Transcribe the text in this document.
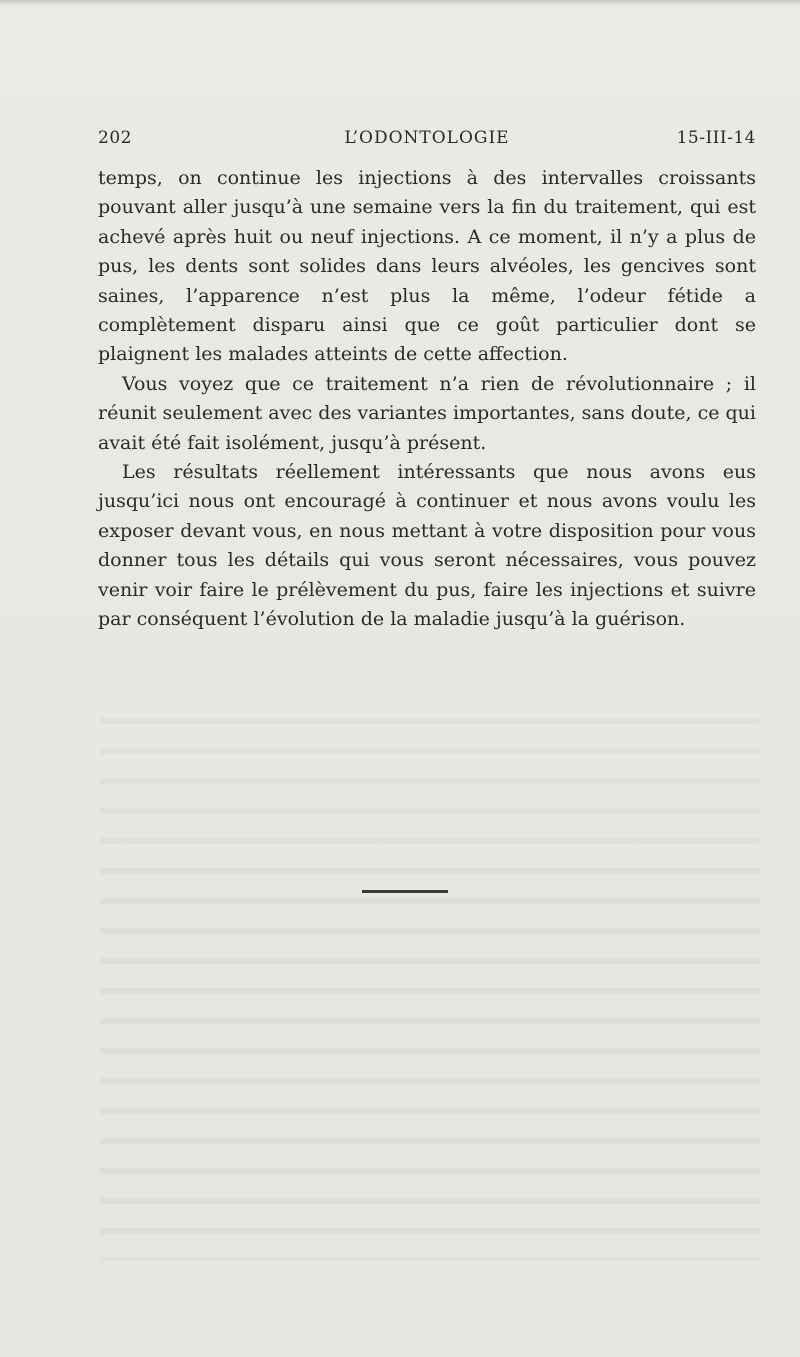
202	L’ODONTOLOGIE	15-III-14

temps, on continue les injections à des intervalles croissants pouvant aller jusqu’à une semaine vers la fin du traitement, qui est achevé après huit ou neuf injections. A ce moment, il n’y a plus de pus, les dents sont solides dans leurs alvéoles, les gencives sont saines, l’apparence n’est plus la même, l’odeur fétide a complètement disparu ainsi que ce goût particulier dont se plaignent les malades atteints de cette affection.

Vous voyez que ce traitement n’a rien de révolutionnaire ; il réunit seulement avec des variantes importantes, sans doute, ce qui avait été fait isolément, jusqu’à présent.

Les résultats réellement intéressants que nous avons eus jusqu’ici nous ont encouragé à continuer et nous avons voulu les exposer devant vous, en nous mettant à votre disposition pour vous donner tous les détails qui vous seront nécessaires, vous pouvez venir voir faire le prélèvement du pus, faire les injections et suivre par conséquent l’évolution de la maladie jusqu’à la guérison.
